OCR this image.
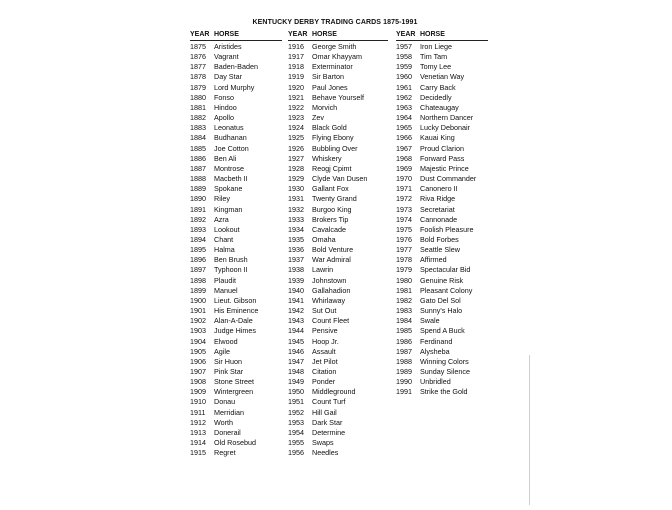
KENTUCKY DERBY TRADING CARDS 1875-1991
YEAR HORSE
1875	Aristides
1876	Vagrant
1877	Baden-Baden
1878	Day Star
1879	Lord Murphy
1880	Fonso
1881	Hindoo
1882	Apollo
1883	Leonatus
1884	Budhanan
1885	Joe Cotton
1886	Ben Ali
1887	Montrose
1888	Macbeth II
1889	Spokane
1890	Riley
1891	Kingman
1892	Azra
1893	Lookout
1894	Chant
1895	Halma
1896	Ben Brush
1897	Typhoon II
1898	Plaudit
1899	Manuel
1900	Lieut. Gibson
1901	His Eminence
1902	Alan-A-Dale
1903	Judge Himes
1904	Elwood
1905	Agile
1906	Sir Huon
1907	Pink Star
1908	Stone Street
1909	Wintergreen
1910	Donau
1911	Merridian
1912	Worth
1913	Donerail
1914	Old Rosebud
1915	Regret
YEAR HORSE
1916	George Smith
1917	Omar Khayyam
1918	Exterminator
1919	Sir Barton
1920	Paul Jones
1921	Behave Yourself
1922	Morvich
1923	Zev
1924	Black Gold
1925	Flying Ebony
1926	Bubbling Over
1927	Whiskery
1928	Reogj Cpimt
1929	Clyde Van Dusen
1930	Gallant Fox
1931	Twenty Grand
1932	Burgoo King
1933	Brokers Tip
1934	Cavalcade
1935	Omaha
1936	Bold Venture
1937	War Admiral
1938	Lawrin
1939	Johnstown
1940	Gallahadion
1941	Whirlaway
1942	Sut Out
1943	Count Fleet
1944	Pensive
1945	Hoop Jr.
1946	Assault
1947	Jet Pilot
1948	Citation
1949	Ponder
1950	Middleground
1951	Count Turf
1952	Hill Gail
1953	Dark Star
1954	Determine
1955	Swaps
1956	Needles
YEAR HORSE
1957	Iron Liege
1958	Tim Tam
1959	Tomy Lee
1960	Venetian Way
1961	Carry Back
1962	Decidedly
1963	Chateaugay
1964	Northern Dancer
1965	Lucky Debonair
1966	Kauai King
1967	Proud Clarion
1968	Forward Pass
1969	Majestic Prince
1970	Dust Commander
1971	Canonero II
1972	Riva Ridge
1973	Secretariat
1974	Cannonade
1975	Foolish Pleasure
1976	Bold Forbes
1977	Seattle Slew
1978	Affirmed
1979	Spectacular Bid
1980	Genuine Risk
1981	Pleasant Colony
1982	Gato Del Sol
1983	Sunny's Halo
1984	Swale
1985	Spend A Buck
1986	Ferdinand
1987	Alysheba
1988	Winning Colors
1989	Sunday Silence
1990	Unbridled
1991	Strike the Gold
